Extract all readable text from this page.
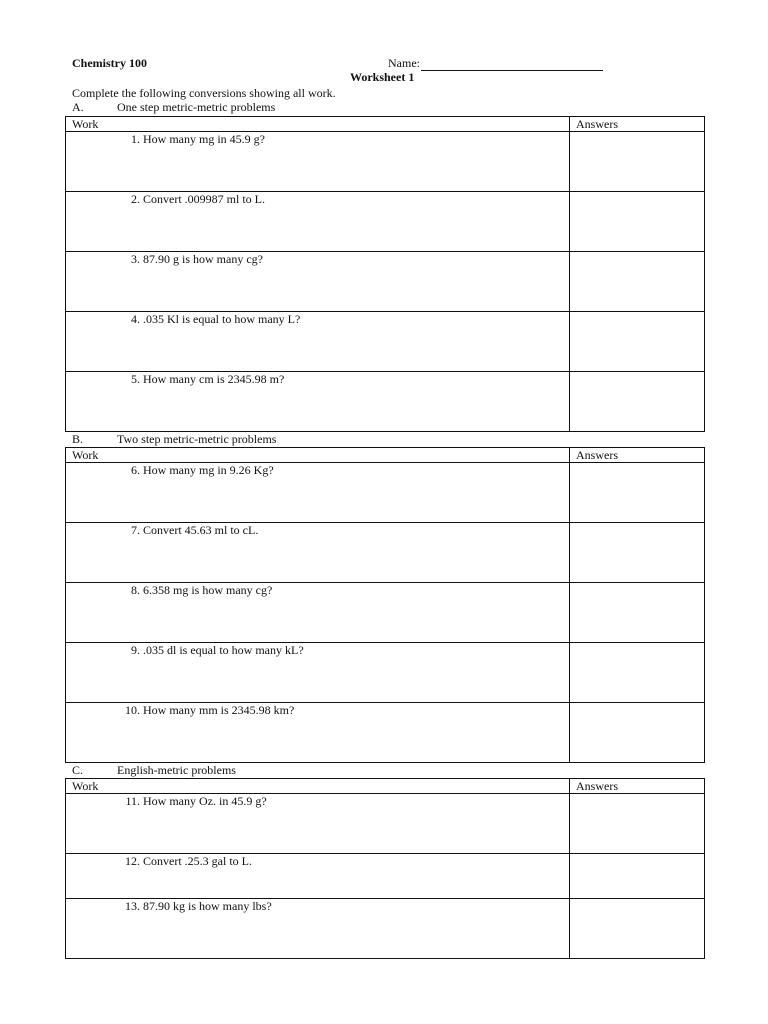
Chemistry 100	Name:
Worksheet 1
Complete the following conversions showing all work.
A.	One step metric-metric problems
Work	Answers

1. How many mg in 45.9 g?	

2. Convert .009987 ml to L.	

3. 87.90 g is how many cg?	

4. .035 Kl is equal to how many L?	

5. How many cm is 2345.98 m?	

B.	Two step metric-metric problems
Work	Answers

6. How many mg in 9.26 Kg?	

7. Convert 45.63 ml to cL.	

8. 6.358 mg is how many cg?	

9. .035 dl is equal to how many kL?	

10. How many mm is 2345.98 km?	

C.	English-metric problems
Work	Answers

11. How many Oz. in 45.9 g?	

12. Convert .25.3 gal to L.	

13. 87.90 kg is how many lbs?	
